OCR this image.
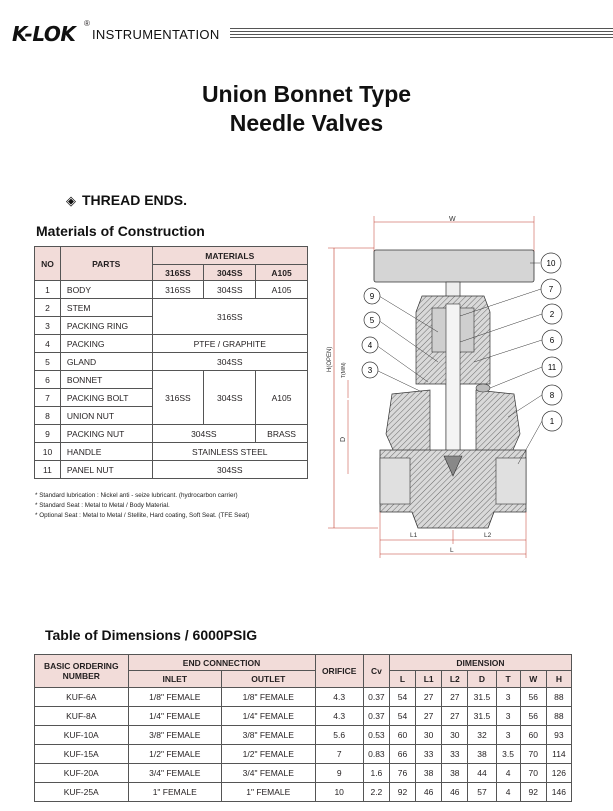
K-LOK ®
INSTRUMENTATION
Union Bonnet Type
Needle Valves
◈ THREAD ENDS.
Materials of Construction
NO	PARTS	MATERIALS		
		316SS	304SS	A105
1	BODY	316SS	304SS	A105
2	STEM	316SS		
3	PACKING RING			
4	PACKING	PTFE / GRAPHITE		
5	GLAND	304SS		
6	BONNET	316SS	304SS	A105
7	PACKING BOLT			
8	UNION NUT			
9	PACKING NUT	304SS		BRASS
10	HANDLE	STAINLESS STEEL		
11	PANEL NUT	304SS		
* Standard lubrication : Nickel anti - seize lubricant. (hydrocarbon carrier)
* Standard Seat : Metal to Metal / Body Material.
* Optional Seat : Metal to Metal / Stellite, Hard coating, Soft Seat. (TFE Seat)
W
H(OPEN) T(MIN)
D
L1	L2
L
9
5
4
3
10
7
2
6
11
8
1
Table of Dimensions / 6000PSIG
BASIC ORDERING
NUMBER	END CONNECTION		ORIFICE	Cv	DIMENSION						
	INLET	OUTLET			L	L1	L2	D	T	W	H
KUF-6A	1/8" FEMALE	1/8" FEMALE	4.3	0.37	54	27	27	31.5	3	56	88
KUF-8A	1/4" FEMALE	1/4" FEMALE	4.3	0.37	54	27	27	31.5	3	56	88
KUF-10A	3/8" FEMALE	3/8" FEMALE	5.6	0.53	60	30	30	32	3	60	93
KUF-15A	1/2" FEMALE	1/2" FEMALE	7	0.83	66	33	33	38	3.5	70	114
KUF-20A	3/4" FEMALE	3/4" FEMALE	9	1.6	76	38	38	44	4	70	126
KUF-25A	1" FEMALE	1" FEMALE	10	2.2	92	46	46	57	4	92	146
